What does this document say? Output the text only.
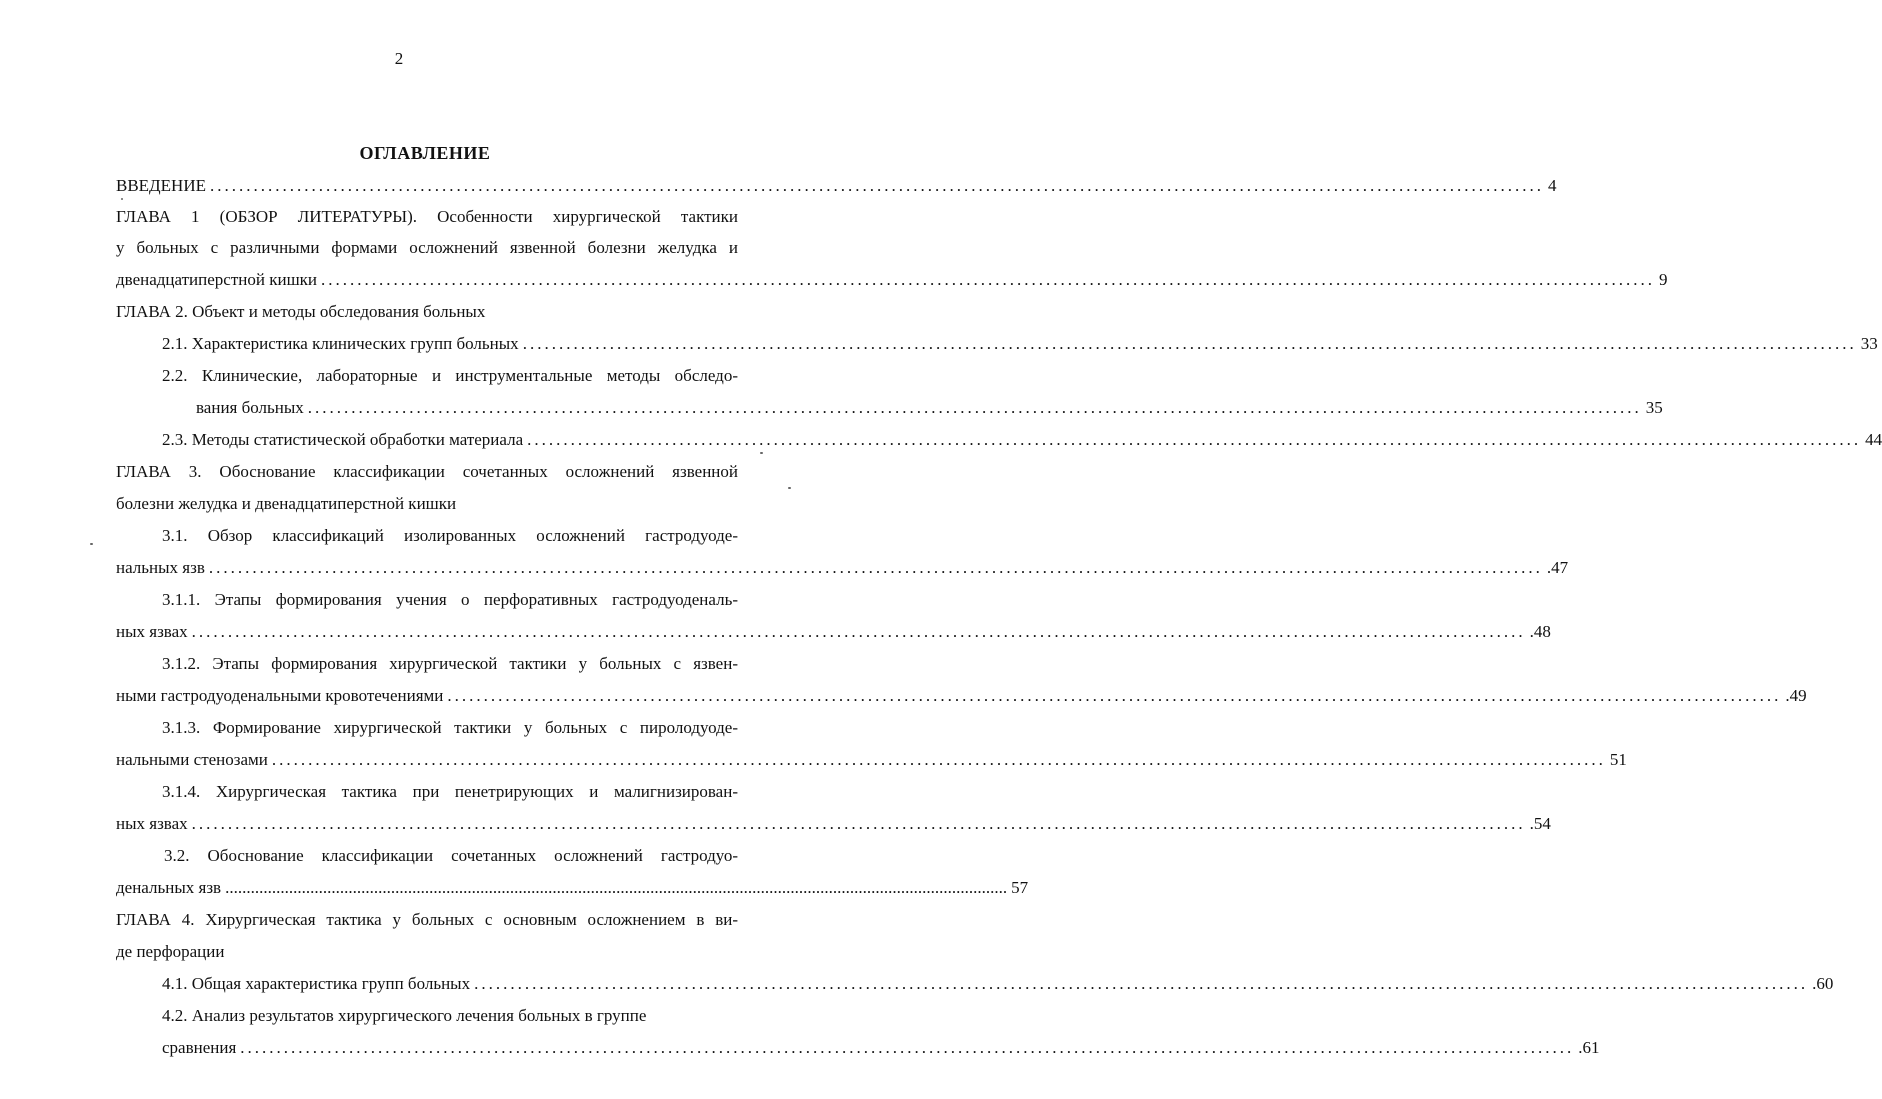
2
ОГЛАВЛЕНИЕ
ВВЕДЕНИЕ ........................................................................................................................................................................................ 4
ГЛАВА 1 (ОБЗОР ЛИТЕРАТУРЫ). Особенности хирургической тактики
у больных с различными формами осложнений язвенной болезни желудка и
двенадцатиперстной кишки ........................................................................................................................................................................................ 9
ГЛАВА 2. Объект и методы обследования больных
2.1. Характеристика клинических групп больных ........................................................................................................................................................................................ 33
2.2. Клинические, лабораторные и инструментальные методы обследо-
вания больных ........................................................................................................................................................................................ 35
2.3. Методы статистической обработки материала ........................................................................................................................................................................................ 44
ГЛАВА 3. Обоснование классификации сочетанных осложнений язвенной
болезни желудка и двенадцатиперстной кишки
3.1. Обзор классификаций изолированных осложнений гастродуоде-
нальных язв ........................................................................................................................................................................................ .47
3.1.1. Этапы формирования учения о перфоративных гастродуоденаль-
ных язвах ........................................................................................................................................................................................ .48
3.1.2. Этапы формирования хирургической тактики у больных с язвен-
ными гастродуоденальными кровотечениями ........................................................................................................................................................................................ .49
3.1.3. Формирование хирургической тактики у больных с пиролодуоде-
нальными стенозами ........................................................................................................................................................................................ 51
3.1.4. Хирургическая тактика при пенетрирующих и малигнизирован-
ных язвах ........................................................................................................................................................................................ .54
3.2. Обоснование классификации сочетанных осложнений гастродуо-
денальных язв ........................................................................................................................................................................................ 57
ГЛАВА 4. Хирургическая тактика у больных с основным осложнением в ви-
де перфорации
4.1. Общая характеристика групп больных ........................................................................................................................................................................................ .60
4.2. Анализ результатов хирургического лечения больных в группе
сравнения ........................................................................................................................................................................................ .61
